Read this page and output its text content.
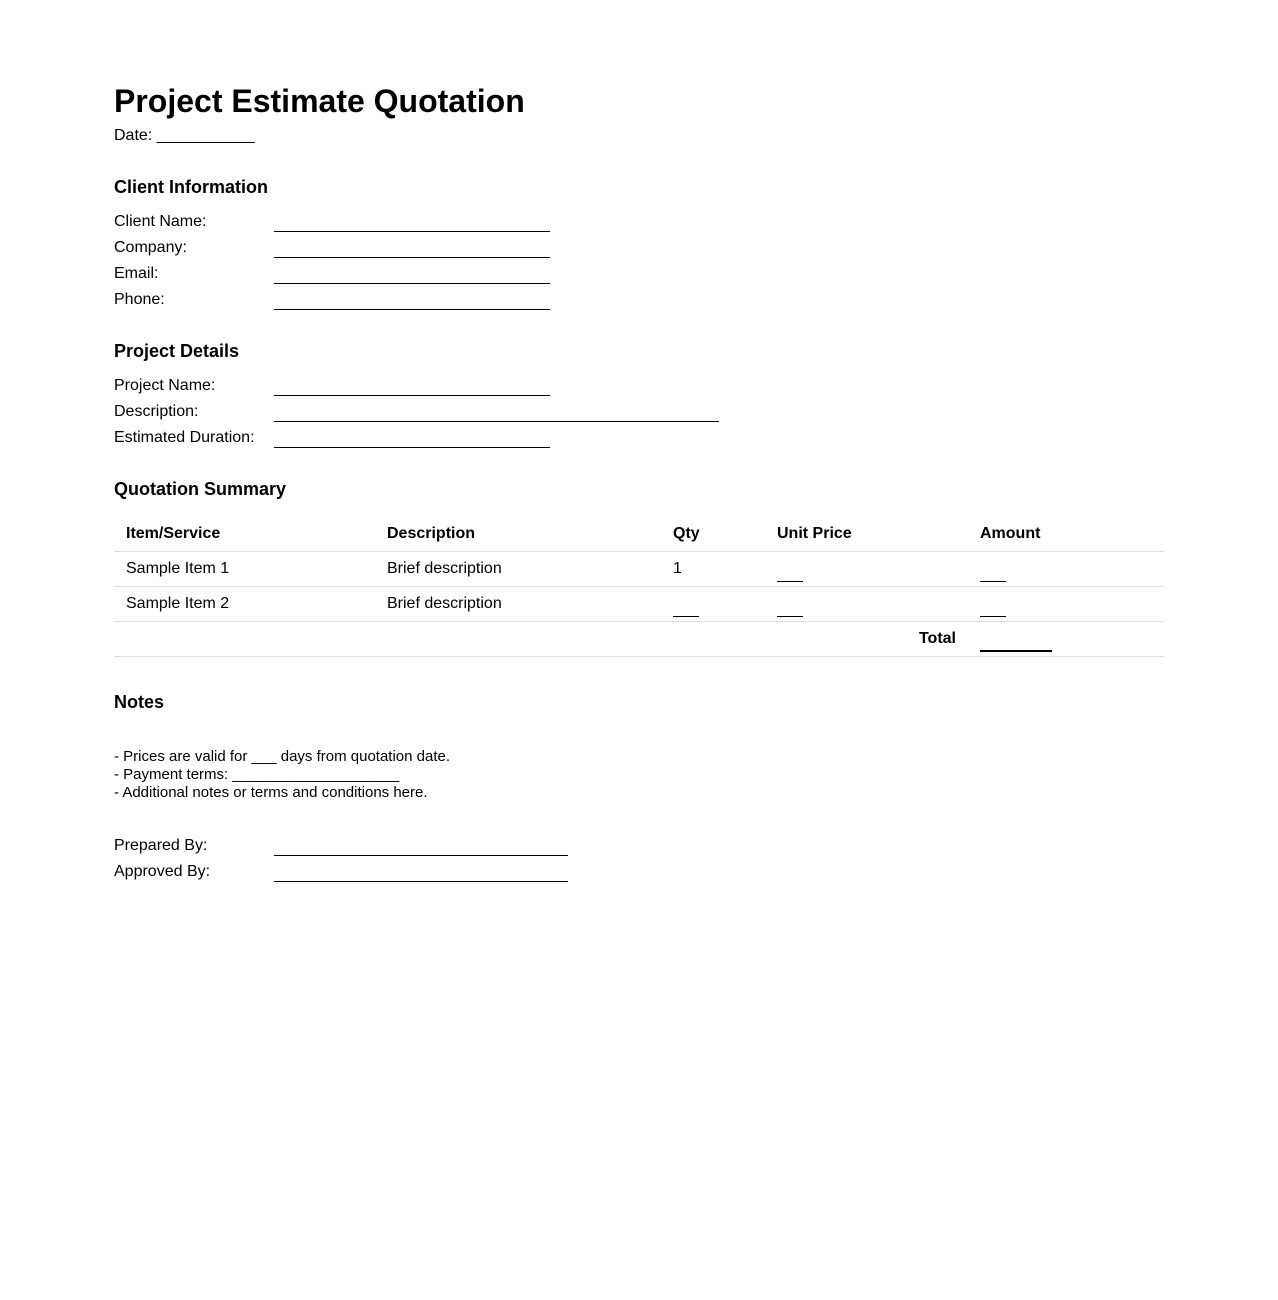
Project Estimate Quotation
Date: ___________
Client Information
Client Name:
Company:
Email:
Phone:
Project Details
Project Name:
Description:
Estimated Duration:
Quotation Summary
Item/Service	Description	Qty	Unit Price	Amount
Sample Item 1	Brief description	1		
Sample Item 2	Brief description			
Total				
Notes
- Prices are valid for ___ days from quotation date.
- Payment terms: ____________________
- Additional notes or terms and conditions here.
Prepared By:
Approved By:
